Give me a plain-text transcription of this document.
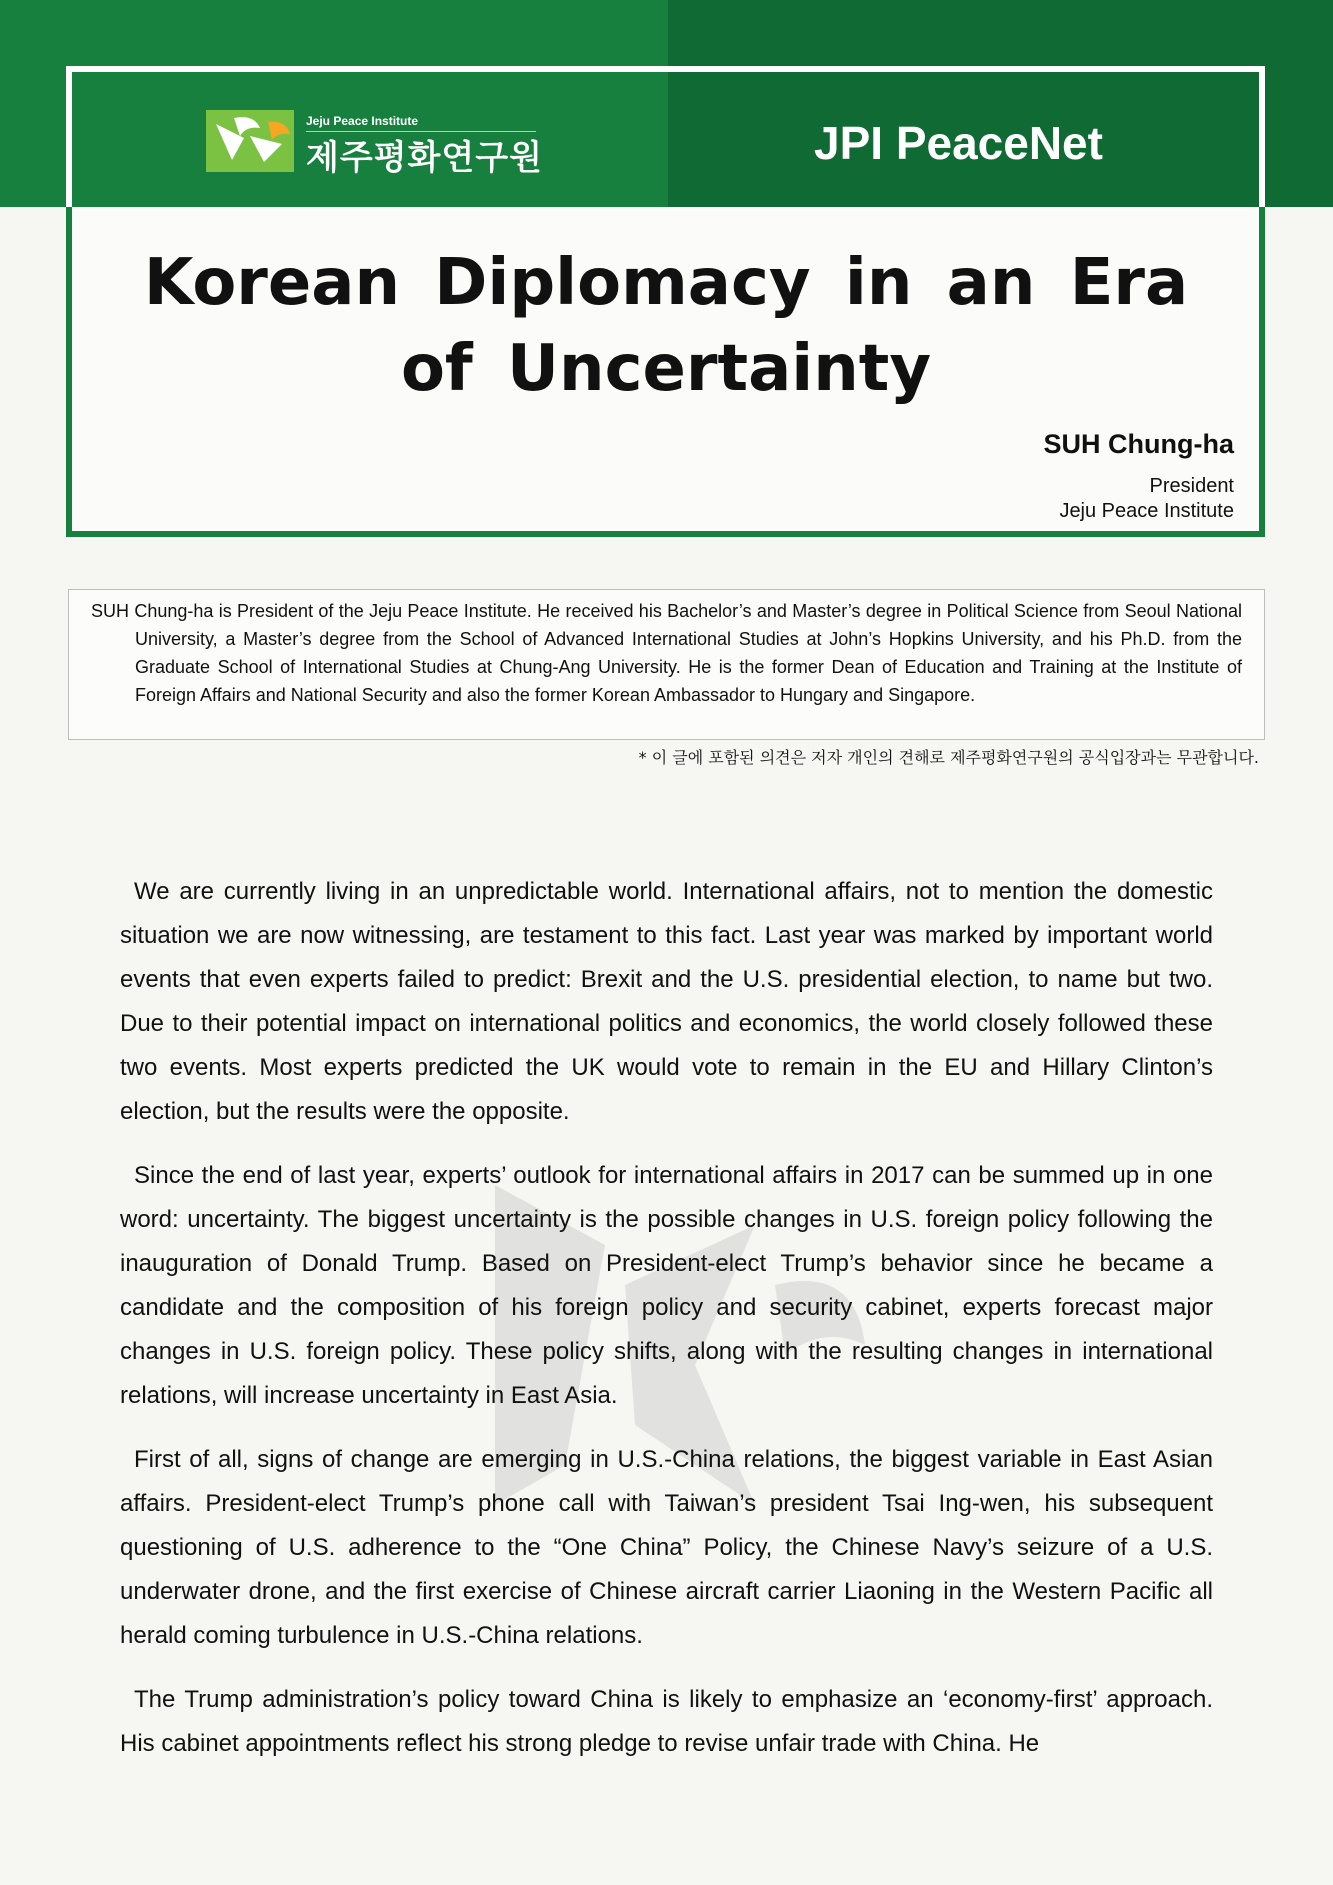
Jeju Peace Institute
제주평화연구원	JPI PeaceNet
Korean Diplomacy in an Era of Uncertainty
SUH Chung-ha
President
Jeju Peace Institute
SUH Chung-ha is President of the Jeju Peace Institute. He received his Bachelor’s and Master’s degree in Political Science from Seoul National University, a Master’s degree from the School of Advanced International Studies at John’s Hopkins University, and his Ph.D. from the Graduate School of International Studies at Chung-Ang University. He is the former Dean of Education and Training at the Institute of Foreign Affairs and National Security and also the former Korean Ambassador to Hungary and Singapore.
* 이 글에 포함된 의견은 저자 개인의 견해로 제주평화연구원의 공식입장과는 무관합니다.

We are currently living in an unpredictable world. International affairs, not to mention the domestic situation we are now witnessing, are testament to this fact. Last year was marked by important world events that even experts failed to predict: Brexit and the U.S. presidential election, to name but two. Due to their potential impact on international politics and economics, the world closely followed these two events. Most experts predicted the UK would vote to remain in the EU and Hillary Clinton’s election, but the results were the opposite.

Since the end of last year, experts’ outlook for international affairs in 2017 can be summed up in one word: uncertainty. The biggest uncertainty is the possible changes in U.S. foreign policy following the inauguration of Donald Trump. Based on President-elect Trump’s behavior since he became a candidate and the composition of his foreign policy and security cabinet, experts forecast major changes in U.S. foreign policy. These policy shifts, along with the resulting changes in international relations, will increase uncertainty in East Asia.

First of all, signs of change are emerging in U.S.-China relations, the biggest variable in East Asian affairs. President-elect Trump’s phone call with Taiwan’s president Tsai Ing-wen, his subsequent questioning of U.S. adherence to the “One China” Policy, the Chinese Navy’s seizure of a U.S. underwater drone, and the first exercise of Chinese aircraft carrier Liaoning in the Western Pacific all herald coming turbulence in U.S.-China relations.

The Trump administration’s policy toward China is likely to emphasize an ‘economy-first’ approach. His cabinet appointments reflect his strong pledge to revise unfair trade with China. He
